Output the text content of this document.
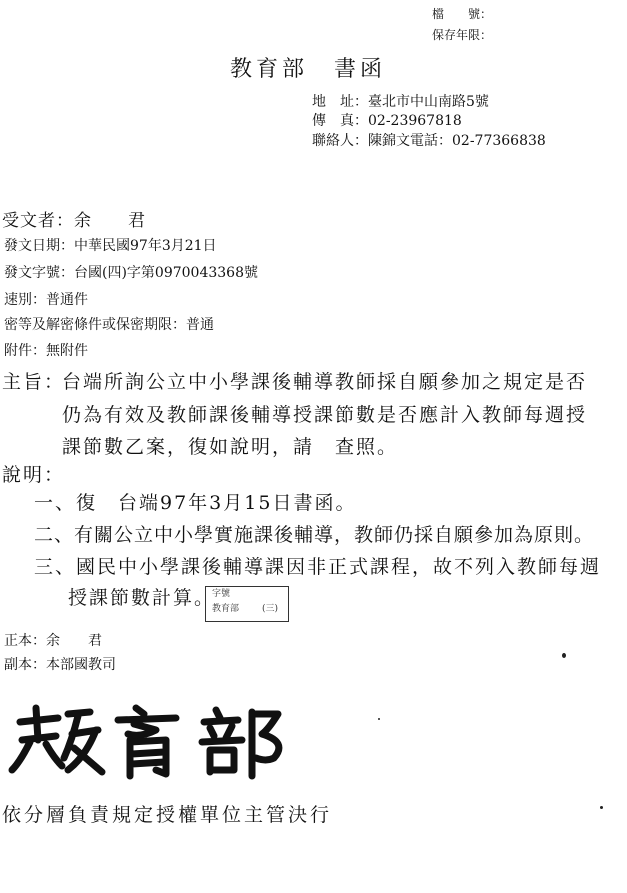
檔　　號：
保存年限：
教育部　書函
地　址：臺北市中山南路5號
傳　真：02-23967818
聯絡人：陳錦文電話：02-77366838
受文者：余　　君
發文日期：中華民國97年3月21日
發文字號：台國(四)字第0970043368號
速別：普通件
密等及解密條件或保密期限：普通
附件：無附件
主旨：
台端所詢公立中小學課後輔導教師採自願參加之規定是否
仍為有效及教師課後輔導授課節數是否應計入教師每週授
課節數乙案，復如說明，請　查照。
說明：
一、復　台端97年3月15日書函。
二、有關公立中小學實施課後輔導，教師仍採自願參加為原則。
三、國民中小學課後輔導課因非正式課程，故不列入教師每週
授課節數計算。
字號
教育部	(三)
正本：余　　君
副本：本部國教司
教育部
依分層負責規定授權單位主管決行
